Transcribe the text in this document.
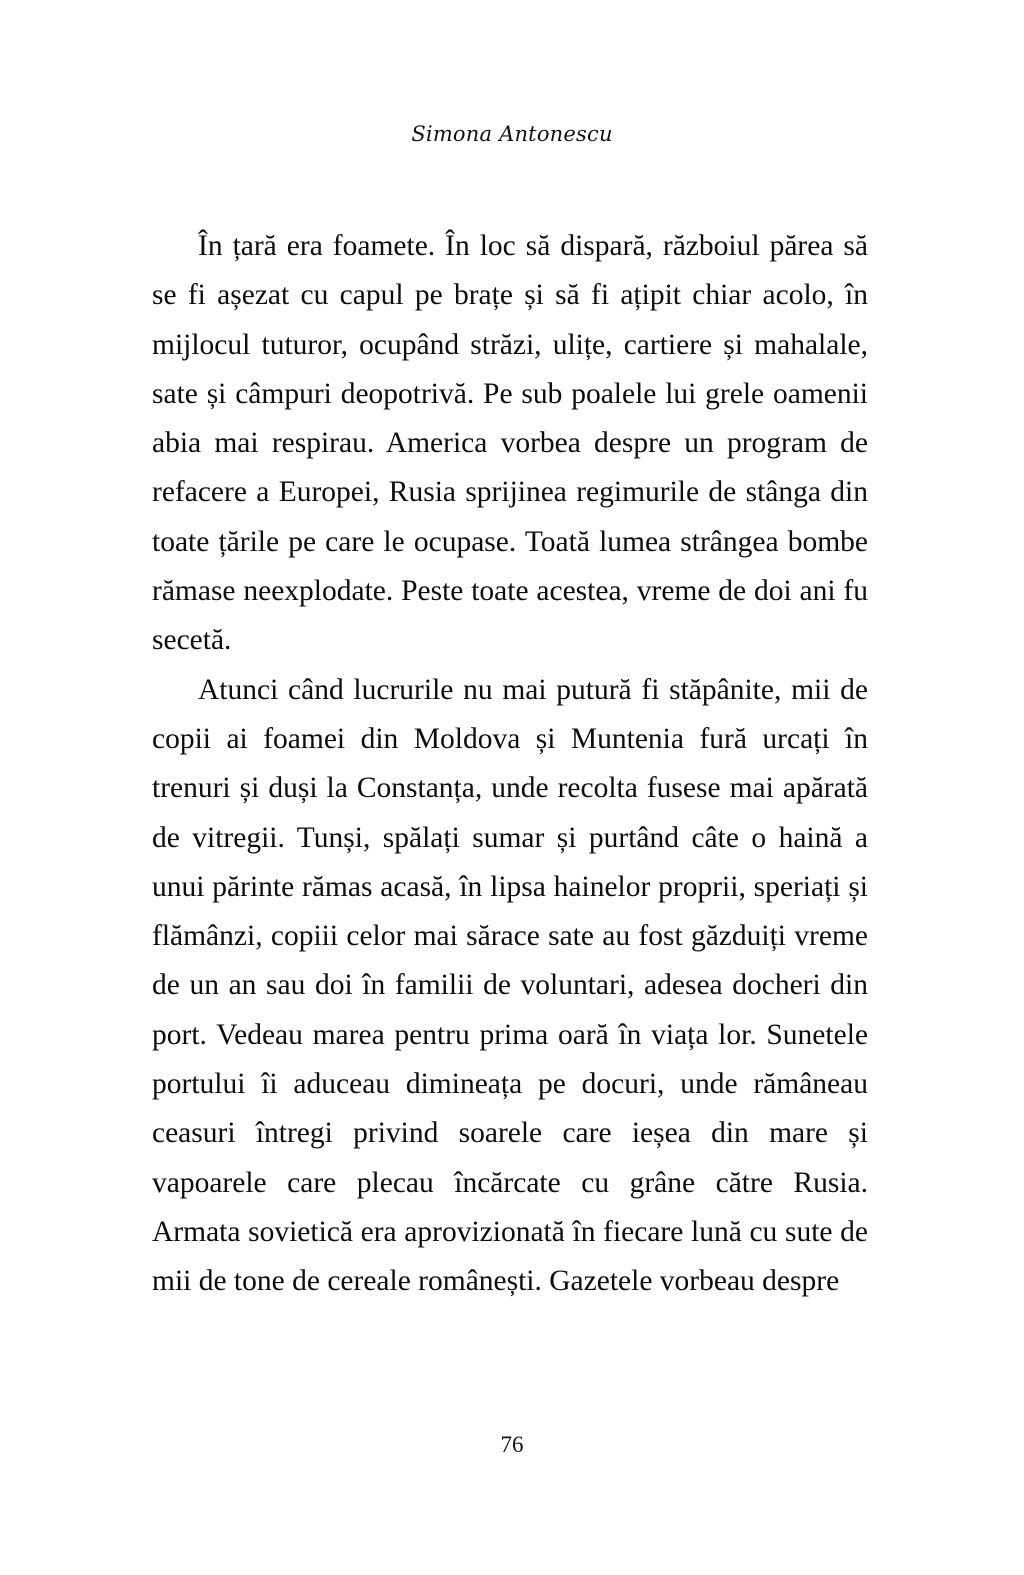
Simona Antonescu

În țară era foamete. În loc să dispară, războiul părea să se fi așezat cu capul pe brațe și să fi ațipit chiar acolo, în mijlocul tuturor, ocupând străzi, ulițe, cartiere și mahalale, sate și câmpuri deopotrivă. Pe sub poalele lui grele oamenii abia mai respirau. America vorbea despre un program de refacere a Europei, Rusia sprijinea regimurile de stânga din toate țările pe care le ocupase. Toată lumea strângea bombe rămase neexplodate. Peste toate acestea, vreme de doi ani fu secetă.

Atunci când lucrurile nu mai putură fi stăpânite, mii de copii ai foamei din Moldova și Muntenia fură urcați în trenuri și duși la Constanța, unde recolta fusese mai apărată de vitregii. Tunși, spălați sumar și purtând câte o haină a unui părinte rămas acasă, în lipsa hainelor proprii, speriați și flămânzi, copiii celor mai sărace sate au fost găzduiți vreme de un an sau doi în familii de voluntari, adesea docheri din port. Vedeau marea pentru prima oară în viața lor. Sunetele portului îi aduceau dimineața pe docuri, unde rămâneau ceasuri întregi privind soarele care ieșea din mare și vapoarele care plecau încărcate cu grâne către Rusia. Armata sovietică era aprovizionată în fiecare lună cu sute de mii de tone de cereale românești. Gazetele vorbeau despre

76
